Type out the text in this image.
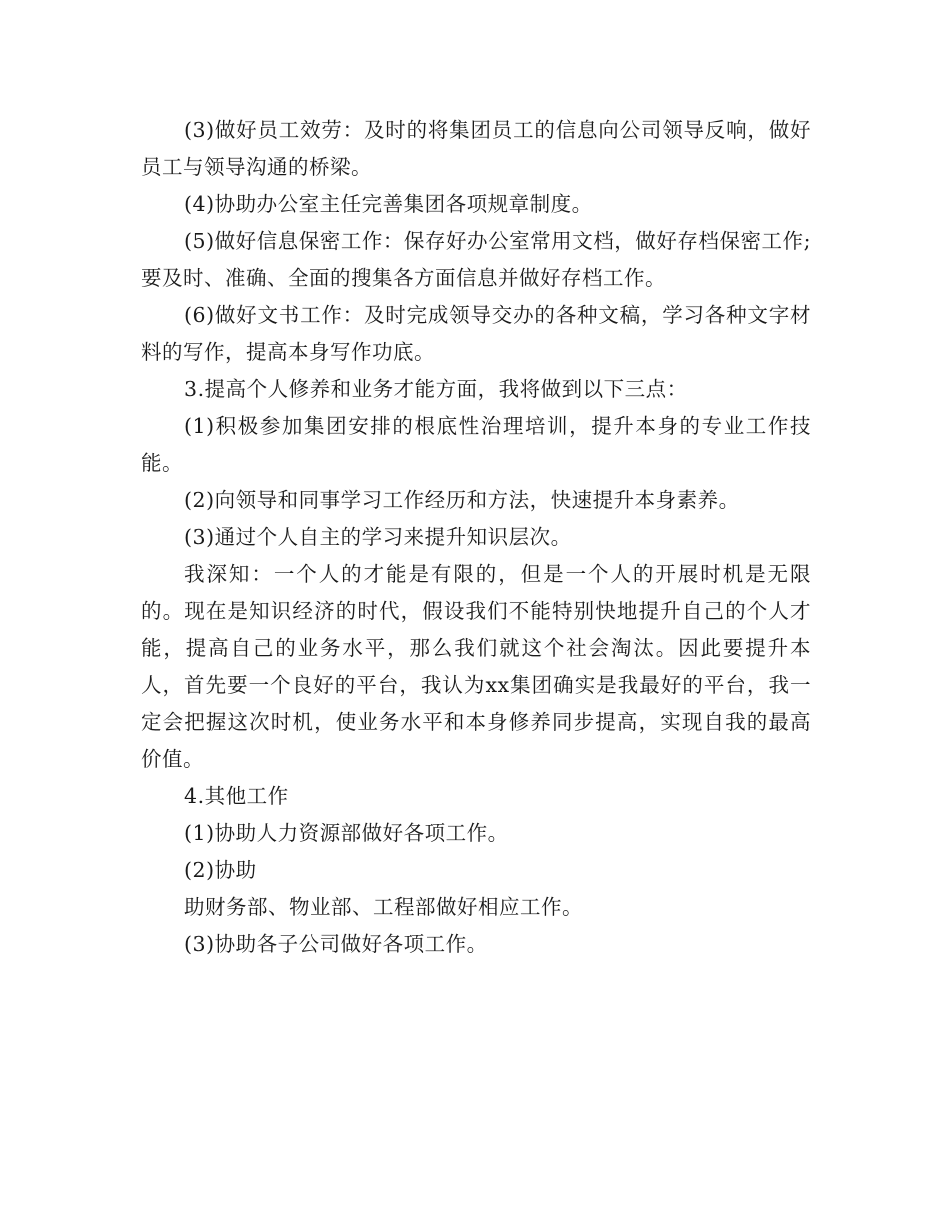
(3)做好员工效劳：及时的将集团员工的信息向公司领导反响，做好员工与领导沟通的桥梁。

(4)协助办公室主任完善集团各项规章制度。

(5)做好信息保密工作：保存好办公室常用文档，做好存档保密工作;要及时、准确、全面的搜集各方面信息并做好存档工作。

(6)做好文书工作：及时完成领导交办的各种文稿，学习各种文字材料的写作，提高本身写作功底。

3.提高个人修养和业务才能方面，我将做到以下三点：

(1)积极参加集团安排的根底性治理培训，提升本身的专业工作技能。

(2)向领导和同事学习工作经历和方法，快速提升本身素养。

(3)通过个人自主的学习来提升知识层次。

我深知：一个人的才能是有限的，但是一个人的开展时机是无限的。现在是知识经济的时代，假设我们不能特别快地提升自己的个人才能，提高自己的业务水平，那么我们就这个社会淘汰。因此要提升本人，首先要一个良好的平台，我认为xx集团确实是我最好的平台，我一定会把握这次时机，使业务水平和本身修养同步提高，实现自我的最高价值。

4.其他工作

(1)协助人力资源部做好各项工作。

(2)协助

助财务部、物业部、工程部做好相应工作。

(3)协助各子公司做好各项工作。
